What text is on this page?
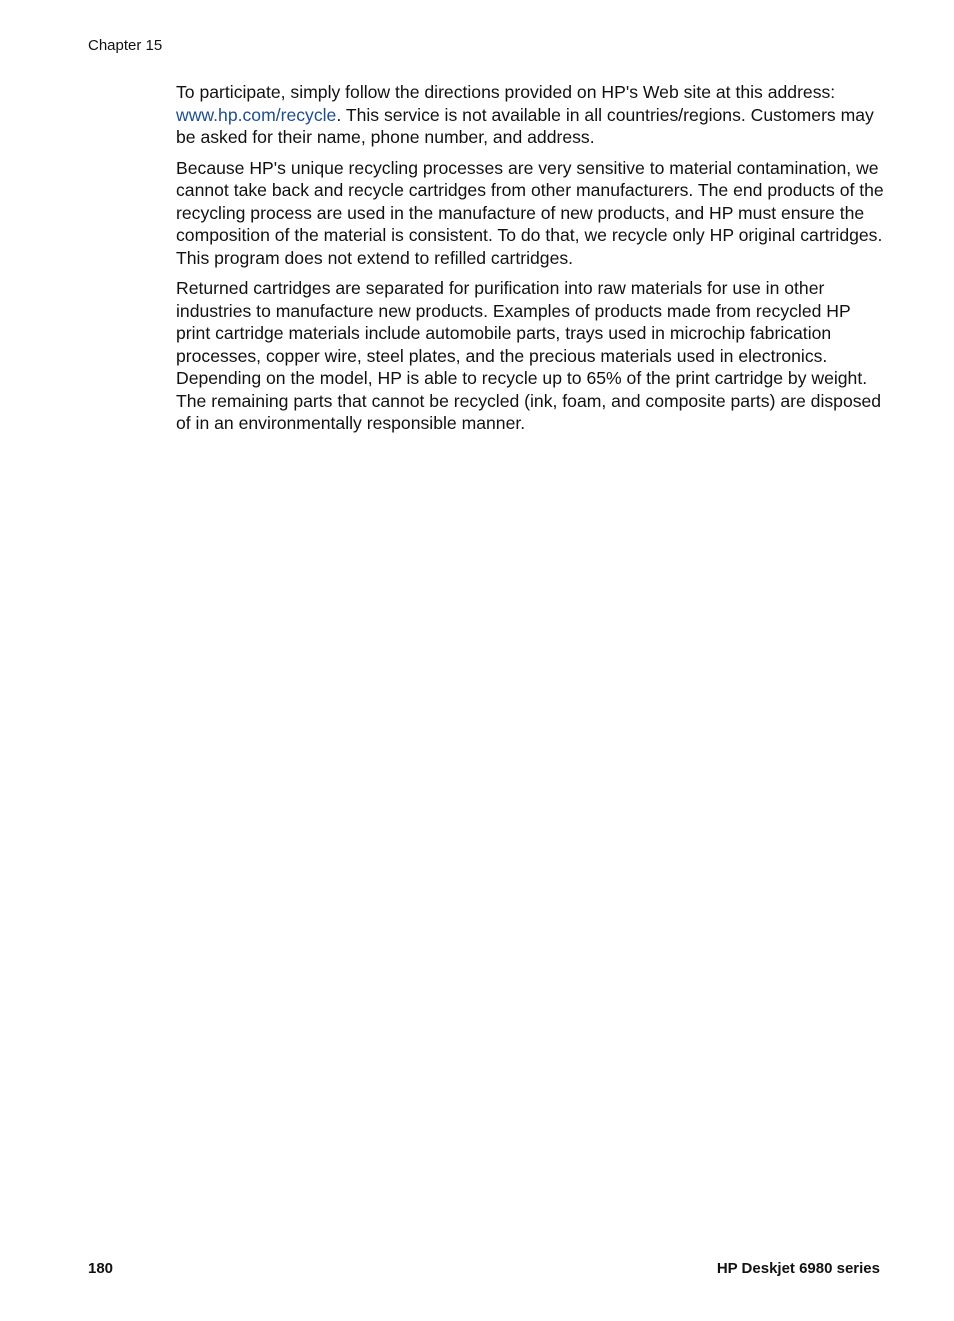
Chapter 15

To participate, simply follow the directions provided on HP's Web site at this address: www.hp.com/recycle. This service is not available in all countries/regions. Customers may be asked for their name, phone number, and address.

Because HP's unique recycling processes are very sensitive to material contamination, we cannot take back and recycle cartridges from other manufacturers. The end products of the recycling process are used in the manufacture of new products, and HP must ensure the composition of the material is consistent. To do that, we recycle only HP original cartridges. This program does not extend to refilled cartridges.

Returned cartridges are separated for purification into raw materials for use in other industries to manufacture new products. Examples of products made from recycled HP print cartridge materials include automobile parts, trays used in microchip fabrication processes, copper wire, steel plates, and the precious materials used in electronics. Depending on the model, HP is able to recycle up to 65% of the print cartridge by weight. The remaining parts that cannot be recycled (ink, foam, and composite parts) are disposed of in an environmentally responsible manner.

180	HP Deskjet 6980 series
